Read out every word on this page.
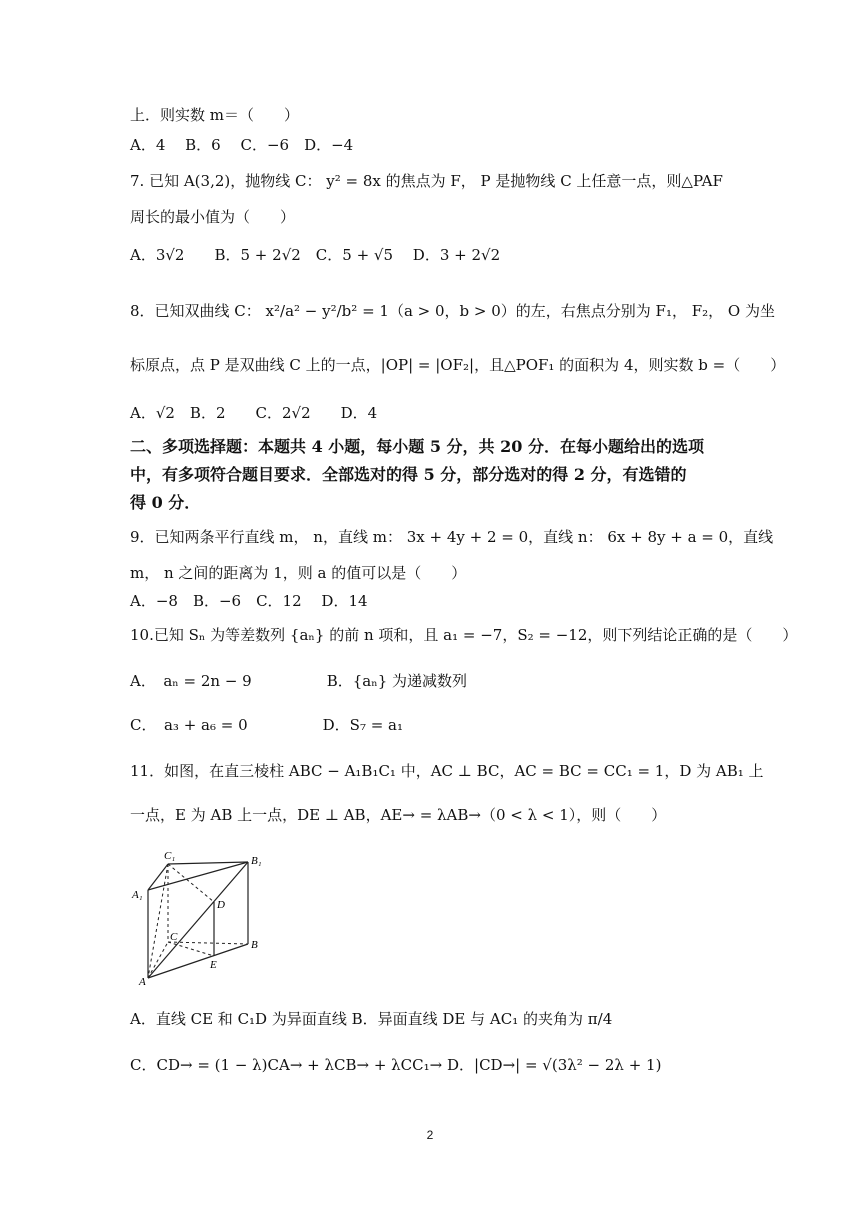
上．则实数 m＝（　　）
A．4　 B．6　 C．−6　D．−4
7. 已知 A(3,2)，抛物线 C： y² = 8x 的焦点为 F， P 是抛物线 C 上任意一点，则△PAF
周长的最小值为（　　）
A．3√2　　B．5 + 2√2　C．5 + √5　 D．3 + 2√2
8．已知双曲线 C： x²/a² − y²/b² = 1（a > 0，b > 0）的左，右焦点分别为 F₁， F₂， O 为坐
标原点，点 P 是双曲线 C 上的一点，|OP| = |OF₂|，且△POF₁ 的面积为 4，则实数 b =（　　）
A．√2　B．2　　C．2√2　　D．4
二、多项选择题：本题共 4 小题，每小题 5 分，共 20 分．在每小题给出的选项
中，有多项符合题目要求．全部选对的得 5 分，部分选对的得 2 分，有选错的
得 0 分．
9．已知两条平行直线 m， n，直线 m： 3x + 4y + 2 = 0，直线 n： 6x + 8y + a = 0，直线
m， n 之间的距离为 1，则 a 的值可以是（　　）
A．−8　B．−6　C．12　 D．14
10.已知 Sₙ 为等差数列 {aₙ} 的前 n 项和，且 a₁ = −7，S₂ = −12，则下列结论正确的是（　　）
A．　aₙ = 2n − 9　　　　　B．{aₙ} 为递减数列
C．　a₃ + a₆ = 0　　　　　D．S₇ = a₁
11．如图，在直三棱柱 ABC − A₁B₁C₁ 中，AC ⊥ BC，AC = BC = CC₁ = 1，D 为 AB₁ 上
一点，E 为 AB 上一点，DE ⊥ AB，AE→ = λAB→（0 < λ < 1），则（　　）
C₁	B₁
A₁
D
C
B
E
A
A．直线 CE 和 C₁D 为异面直线 B．异面直线 DE 与 AC₁ 的夹角为 π/4
C．CD→ = (1 − λ)CA→ + λCB→ + λCC₁→ D．|CD→| = √(3λ² − 2λ + 1)
2
